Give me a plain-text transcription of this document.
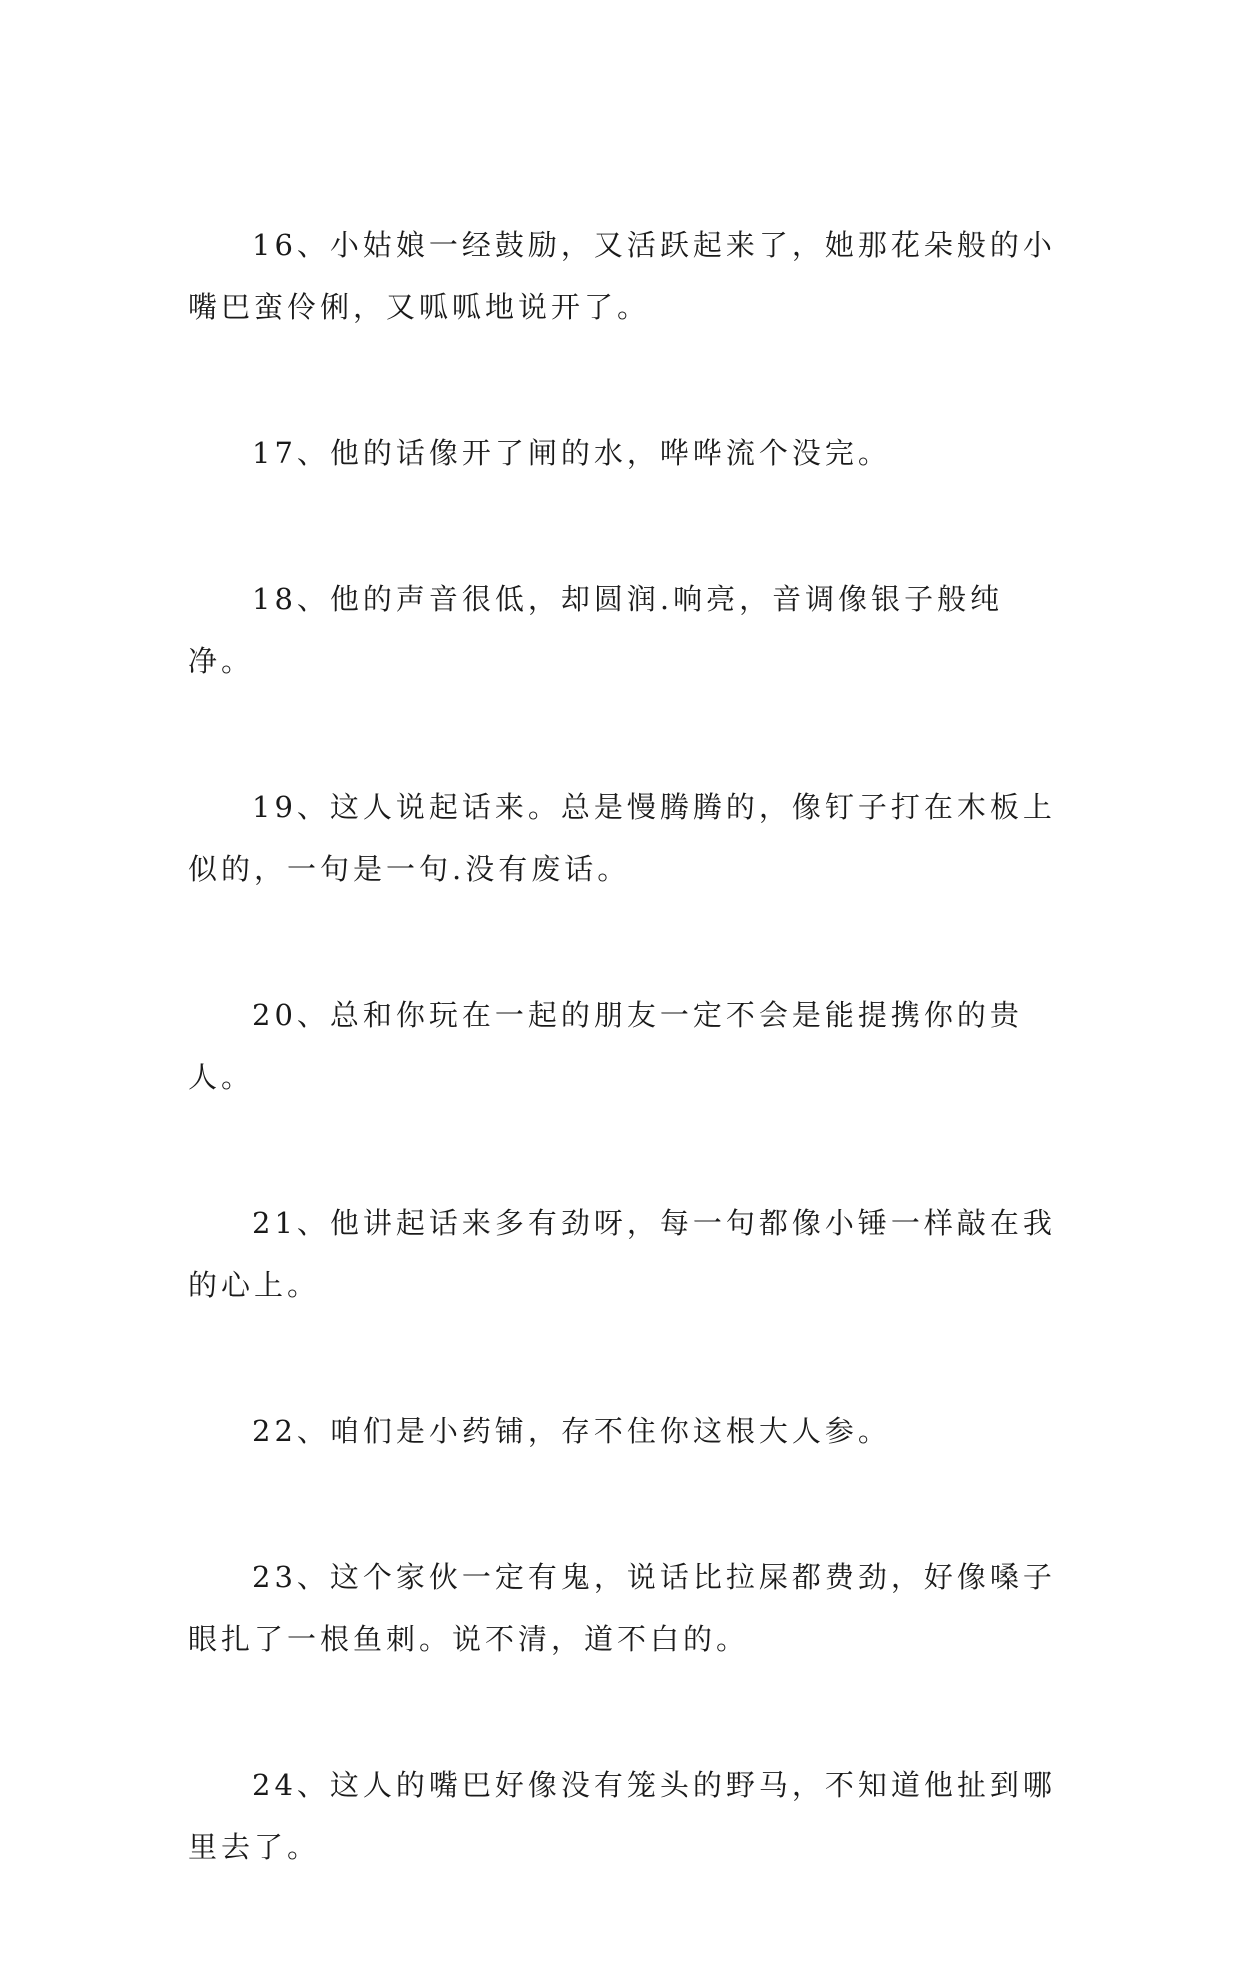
16、小姑娘一经鼓励，又活跃起来了，她那花朵般的小嘴巴蛮伶俐，又呱呱地说开了。

17、他的话像开了闸的水，哗哗流个没完。

18、他的声音很低，却圆润.响亮，音调像银子般纯净。

19、这人说起话来。总是慢腾腾的，像钉子打在木板上似的，一句是一句.没有废话。

20、总和你玩在一起的朋友一定不会是能提携你的贵人。

21、他讲起话来多有劲呀，每一句都像小锤一样敲在我的心上。

22、咱们是小药铺，存不住你这根大人参。

23、这个家伙一定有鬼，说话比拉屎都费劲，好像嗓子眼扎了一根鱼刺。说不清，道不白的。

24、这人的嘴巴好像没有笼头的野马，不知道他扯到哪里去了。
